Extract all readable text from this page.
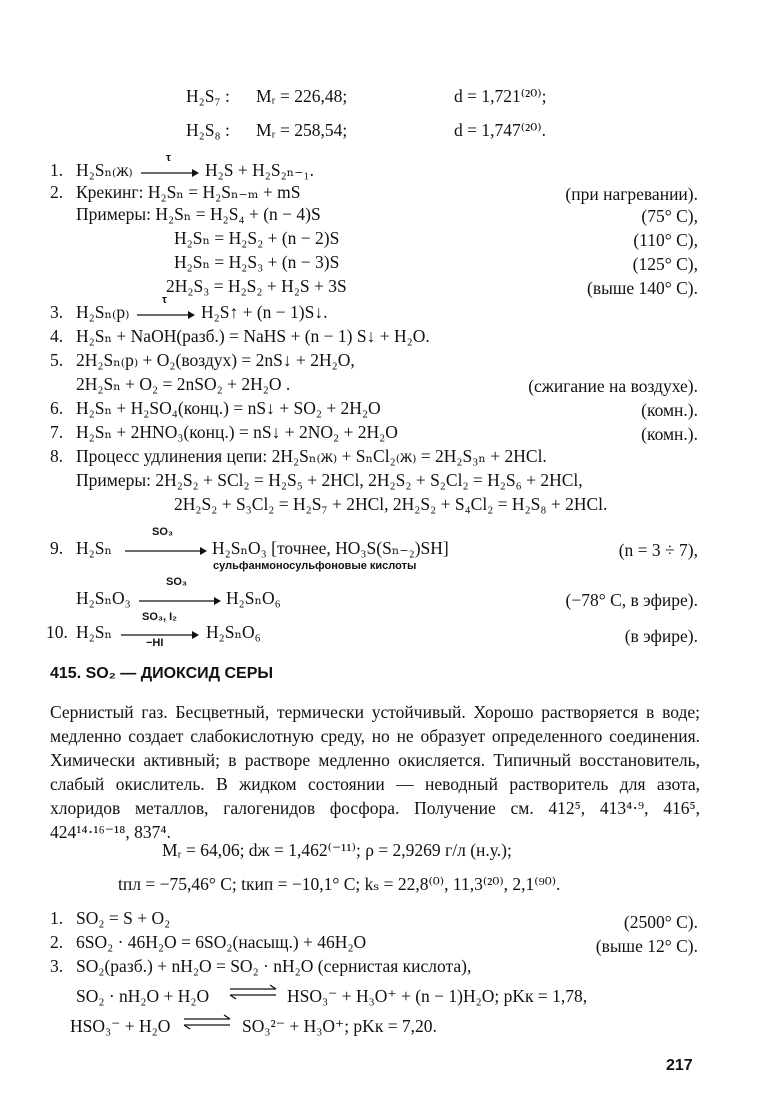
H₂S₇ : Mᵣ = 226,48;	d = 1,721⁽²⁰⁾;
H₂S₈ : Mᵣ = 258,54;	d = 1,747⁽²⁰⁾.
1. H₂Sₙ₍ж₎ →
τ
H₂S + H₂S₂ₙ₋₁.
2. Крекинг: H₂Sₙ = H₂Sₙ₋ₘ + mS	(при нагревании).
Примеры: H₂Sₙ = H₂S₄ + (n − 4)S	(75° C),
H₂Sₙ = H₂S₂ + (n − 2)S	(110° C),
H₂Sₙ = H₂S₃ + (n − 3)S	(125° C),
2H₂S₃ = H₂S₂ + H₂S + 3S	(выше 140° C).
3. H₂Sₙ₍р₎ →
τ
H₂S↑ + (n − 1)S↓.
4. H₂Sₙ + NaOH(разб.) = NaHS + (n − 1) S↓ + H₂O.
5. 2H₂Sₙ₍р₎ + O₂(воздух) = 2nS↓ + 2H₂O,
2H₂Sₙ + O₂ = 2nSO₂ + 2H₂O .	(сжигание на воздухе).
6. H₂Sₙ + H₂SO₄(конц.) = nS↓ + SO₂ + 2H₂O	(комн.).
7. H₂Sₙ + 2HNO₃(конц.) = nS↓ + 2NO₂ + 2H₂O	(комн.).
8. Процесс удлинения цепи: 2H₂Sₙ₍ж₎ + SₙCl₂₍ж₎ = 2H₂S₃ₙ + 2HCl.
Примеры: 2H₂S₂ + SCl₂ = H₂S₅ + 2HCl, 2H₂S₂ + S₂Cl₂ = H₂S₆ + 2HCl,
2H₂S₂ + S₃Cl₂ = H₂S₇ + 2HCl, 2H₂S₂ + S₄Cl₂ = H₂S₈ + 2HCl.
9. H₂Sₙ
SO₃
H₂SₙO₃ [точнее, HO₃S(Sₙ₋₂)SH]	(n = 3 ÷ 7),
сульфанмоносульфоновые кислоты
H₂SₙO₃
SO₃
H₂SₙO₆	(−78° C, в эфире).
10. H₂Sₙ
SO₃, I₂
−HI
H₂SₙO₆	(в эфире).
415. SO₂ — ДИОКСИД СЕРЫ
Сернистый газ. Бесцветный, термически устойчивый. Хорошо растворяется в воде; медленно создает слабокислотную среду, но не образует определенного соединения. Химически активный; в растворе медленно окисляется. Типичный восстановитель, слабый окислитель. В жидком состоянии — неводный растворитель для азота, хлоридов металлов, галогенидов фосфора. Получение см. 412⁵, 413⁴·⁹, 416⁵, 424¹⁴·¹⁶⁻¹⁸, 837⁴.
Mᵣ = 64,06; dж = 1,462⁽⁻¹¹⁾; ρ = 2,9269 г/л (н.у.);
tпл = −75,46° C; tкип = −10,1° C; kₛ = 22,8⁽⁰⁾, 11,3⁽²⁰⁾, 2,1⁽⁹⁰⁾.
1. SO₂ = S + O₂	(2500° C).
2. 6SO₂ · 46H₂O = 6SO₂(насыщ.) + 46H₂O	(выше 12° C).
3. SO₂(разб.) + nH₂O = SO₂ · nH₂O (сернистая кислота),
SO₂ · nH₂O + H₂O ⇌ HSO₃⁻ + H₃O⁺ + (n − 1)H₂O; pKк = 1,78,
HSO₃⁻ + H₂O ⇌ SO₃²⁻ + H₃O⁺; pKк = 7,20.
217
